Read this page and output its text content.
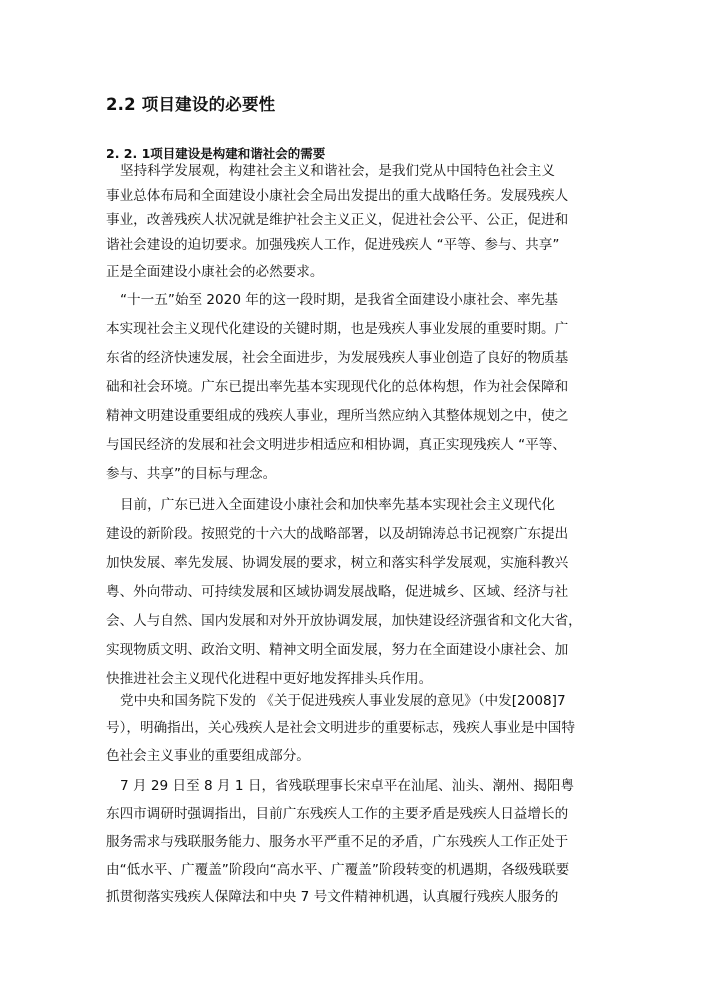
2.2 项目建设的必要性
2. 2. 1项目建设是构建和谐社会的需要
坚持科学发展观，构建社会主义和谐社会，是我们党从中国特色社会主义
事业总体布局和全面建设小康社会全局出发提出的重大战略任务。发展残疾人
事业，改善残疾人状况就是维护社会主义正义，促进社会公平、公正，促进和
谐社会建设的迫切要求。加强残疾人工作，促进残疾人 “平等、参与、共享”
正是全面建设小康社会的必然要求。
“十一五”始至 2020 年的这一段时期，是我省全面建设小康社会、率先基
本实现社会主义现代化建设的关键时期，也是残疾人事业发展的重要时期。广
东省的经济快速发展，社会全面进步，为发展残疾人事业创造了良好的物质基
础和社会环境。广东已提出率先基本实现现代化的总体构想，作为社会保障和
精神文明建设重要组成的残疾人事业，理所当然应纳入其整体规划之中，使之
与国民经济的发展和社会文明进步相适应和相协调，真正实现残疾人 “平等、
参与、共享”的目标与理念。
目前，广东已进入全面建设小康社会和加快率先基本实现社会主义现代化
建设的新阶段。按照党的十六大的战略部署，以及胡锦涛总书记视察广东提出
加快发展、率先发展、协调发展的要求，树立和落实科学发展观，实施科教兴
粤、外向带动、可持续发展和区域协调发展战略，促进城乡、区域、经济与社
会、人与自然、国内发展和对外开放协调发展，加快建设经济强省和文化大省，
实现物质文明、政治文明、精神文明全面发展，努力在全面建设小康社会、加
快推进社会主义现代化进程中更好地发挥排头兵作用。
党中央和国务院下发的 《关于促进残疾人事业发展的意见》（中发[2008]7
号），明确指出，关心残疾人是社会文明进步的重要标志，残疾人事业是中国特
色社会主义事业的重要组成部分。
7 月 29 日至 8 月 1 日，省残联理事长宋卓平在汕尾、汕头、潮州、揭阳粤
东四市调研时强调指出，目前广东残疾人工作的主要矛盾是残疾人日益增长的
服务需求与残联服务能力、服务水平严重不足的矛盾，广东残疾人工作正处于
由“低水平、广覆盖”阶段向“高水平、广覆盖”阶段转变的机遇期，各级残联要
抓贯彻落实残疾人保障法和中央 7 号文件精神机遇，认真履行残疾人服务的
